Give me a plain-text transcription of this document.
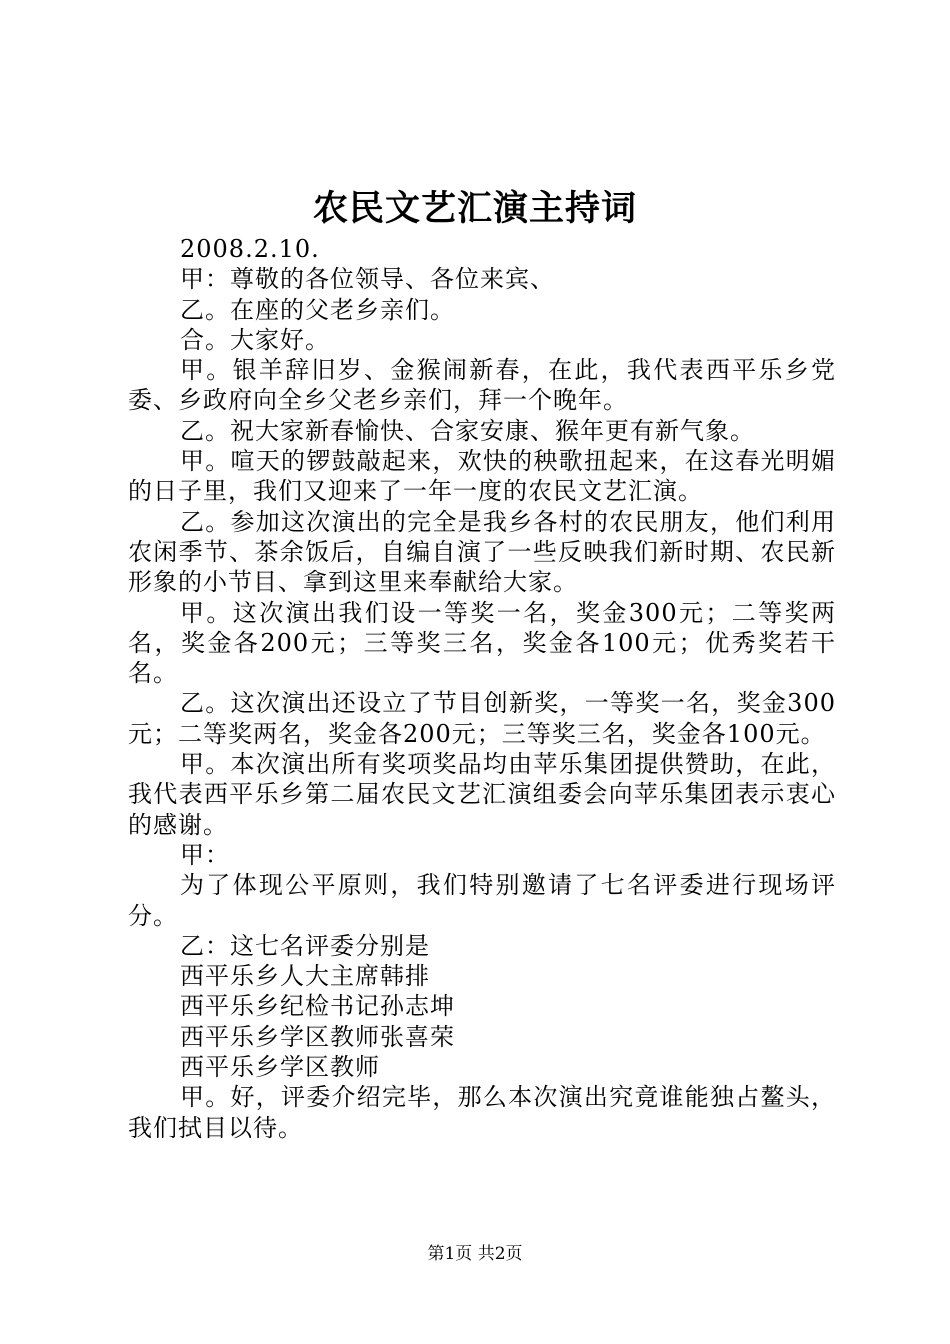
农民文艺汇演主持词

2008.2.10.

甲：尊敬的各位领导、各位来宾、

乙。在座的父老乡亲们。

合。大家好。

甲。银羊辞旧岁、金猴闹新春，在此，我代表西平乐乡党委、乡政府向全乡父老乡亲们，拜一个晚年。

乙。祝大家新春愉快、合家安康、猴年更有新气象。

甲。喧天的锣鼓敲起来，欢快的秧歌扭起来，在这春光明媚的日子里，我们又迎来了一年一度的农民文艺汇演。

乙。参加这次演出的完全是我乡各村的农民朋友，他们利用农闲季节、茶余饭后，自编自演了一些反映我们新时期、农民新形象的小节目、拿到这里来奉献给大家。

甲。这次演出我们设一等奖一名，奖金300元；二等奖两名，奖金各200元；三等奖三名，奖金各100元；优秀奖若干名。

乙。这次演出还设立了节目创新奖，一等奖一名，奖金300元；二等奖两名，奖金各200元；三等奖三名，奖金各100元。

甲。本次演出所有奖项奖品均由苹乐集团提供赞助，在此，我代表西平乐乡第二届农民文艺汇演组委会向苹乐集团表示衷心的感谢。

甲：

为了体现公平原则，我们特别邀请了七名评委进行现场评分。

乙：这七名评委分别是

西平乐乡人大主席韩排

西平乐乡纪检书记孙志坤

西平乐乡学区教师张喜荣

西平乐乡学区教师

甲。好，评委介绍完毕，那么本次演出究竟谁能独占鳌头，我们拭目以待。

第1页 共2页
